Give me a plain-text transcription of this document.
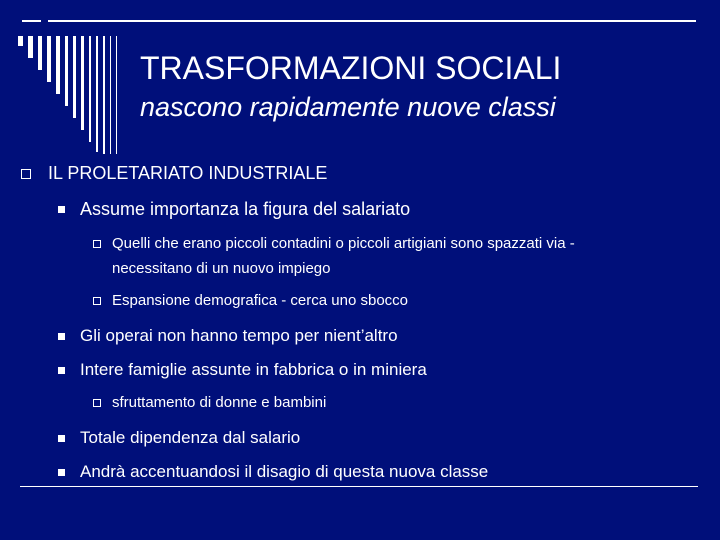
TRASFORMAZIONI SOCIALI
nascono rapidamente nuove classi
IL PROLETARIATO INDUSTRIALE
Assume importanza la figura del salariato
Quelli che erano piccoli contadini o piccoli artigiani sono spazzati via -
necessitano di un nuovo impiego
Espansione demografica - cerca uno sbocco
Gli operai non hanno tempo per nient’altro
Intere famiglie assunte in fabbrica o in miniera
sfruttamento di donne e bambini
Totale dipendenza dal salario
Andrà accentuandosi il disagio di questa nuova classe
